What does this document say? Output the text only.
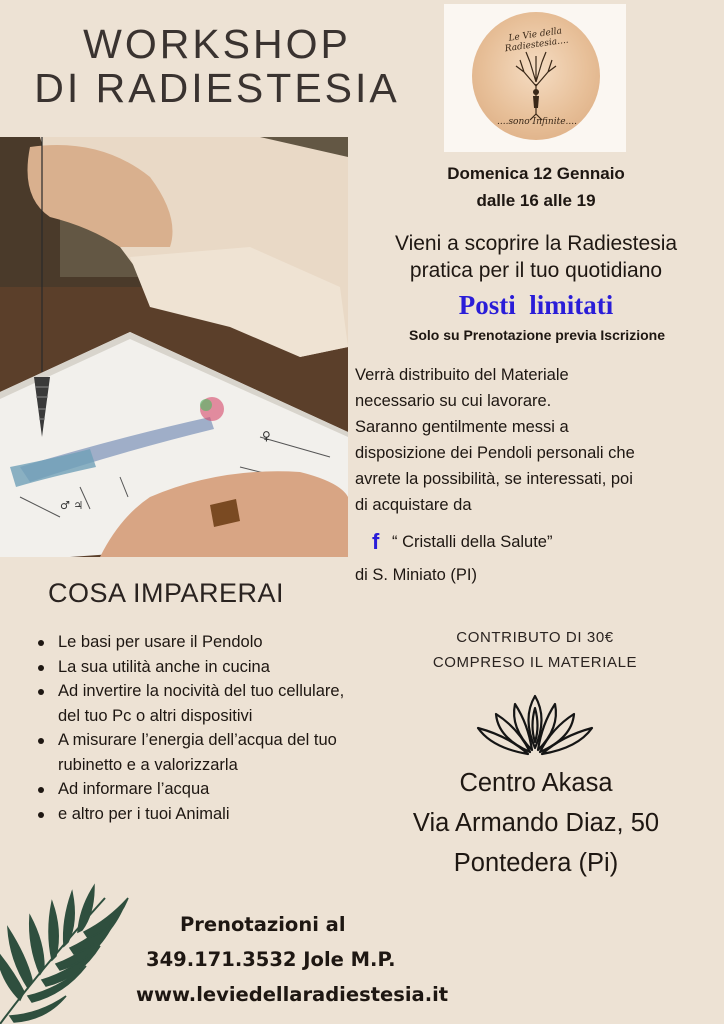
WORKSHOP
DI RADIESTESIA
Le Vie della Radiestesia....
....sono Infinite....
♀
♂ ♃
Domenica 12 Gennaio
dalle 16 alle 19
Vieni a scoprire la Radiestesia
pratica per il tuo quotidiano
Posti  limitati
Solo su Prenotazione previa Iscrizione
Verrà distribuito del Materiale
necessario su cui lavorare.
Saranno gentilmente messi a
disposizione dei Pendoli personali che
avrete la possibilità, se interessati, poi
di acquistare da
f “ Cristalli della Salute”
di S. Miniato (PI)
COSA IMPARERAI
Le basi per usare il Pendolo
La sua utilità anche in cucina
Ad invertire la nocività del tuo cellulare, del tuo Pc o altri dispositivi
A misurare l’energia dell’acqua del tuo rubinetto e a valorizzarla
Ad informare l’acqua
e altro per i tuoi Animali
CONTRIBUTO DI 30€
COMPRESO IL MATERIALE
Centro Akasa
Via Armando Diaz, 50
Pontedera (Pi)
Prenotazioni al
349.171.3532 Jole M.P.
www.leviedellaradiestesia.it
